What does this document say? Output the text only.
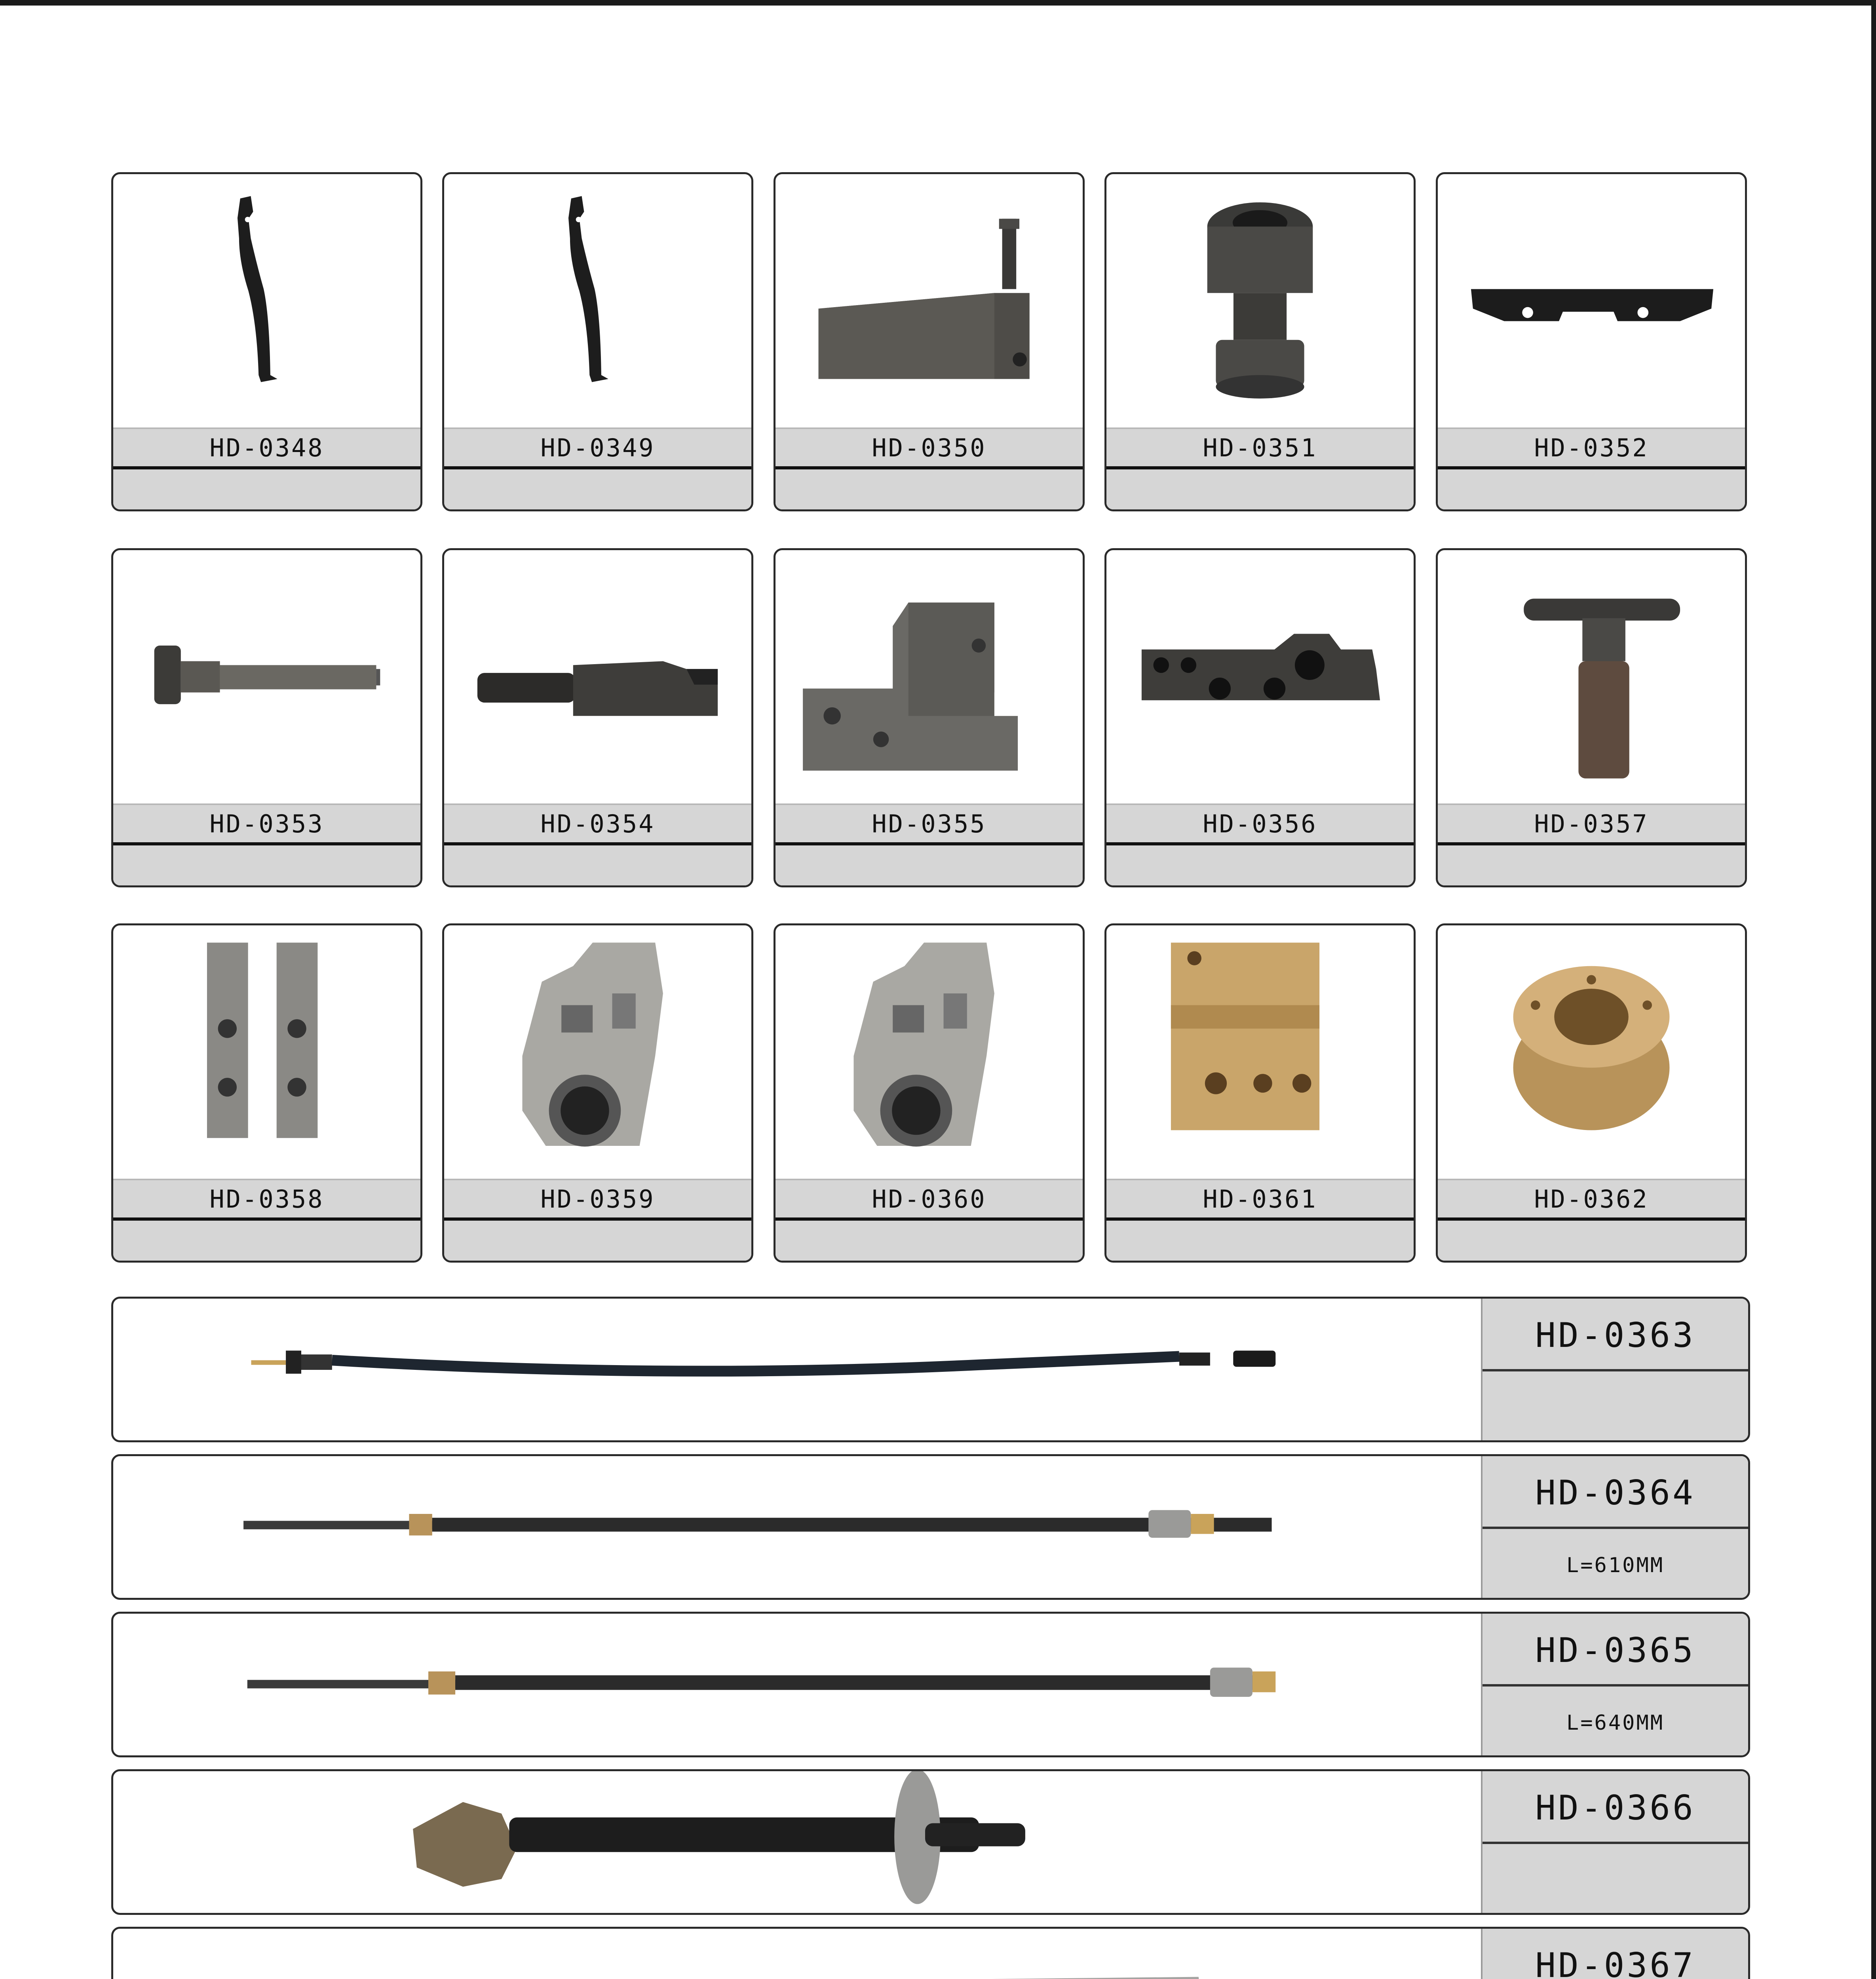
HD-0348	HD-0349	HD-0350	HD-0351	HD-0352
HD-0353	HD-0354	HD-0355	HD-0356	HD-0357
HD-0358	HD-0359	HD-0360	HD-0361	HD-0362
HD-0363
HD-0364
L=610MM
HD-0365
L=640MM
HD-0366
HD-0367
